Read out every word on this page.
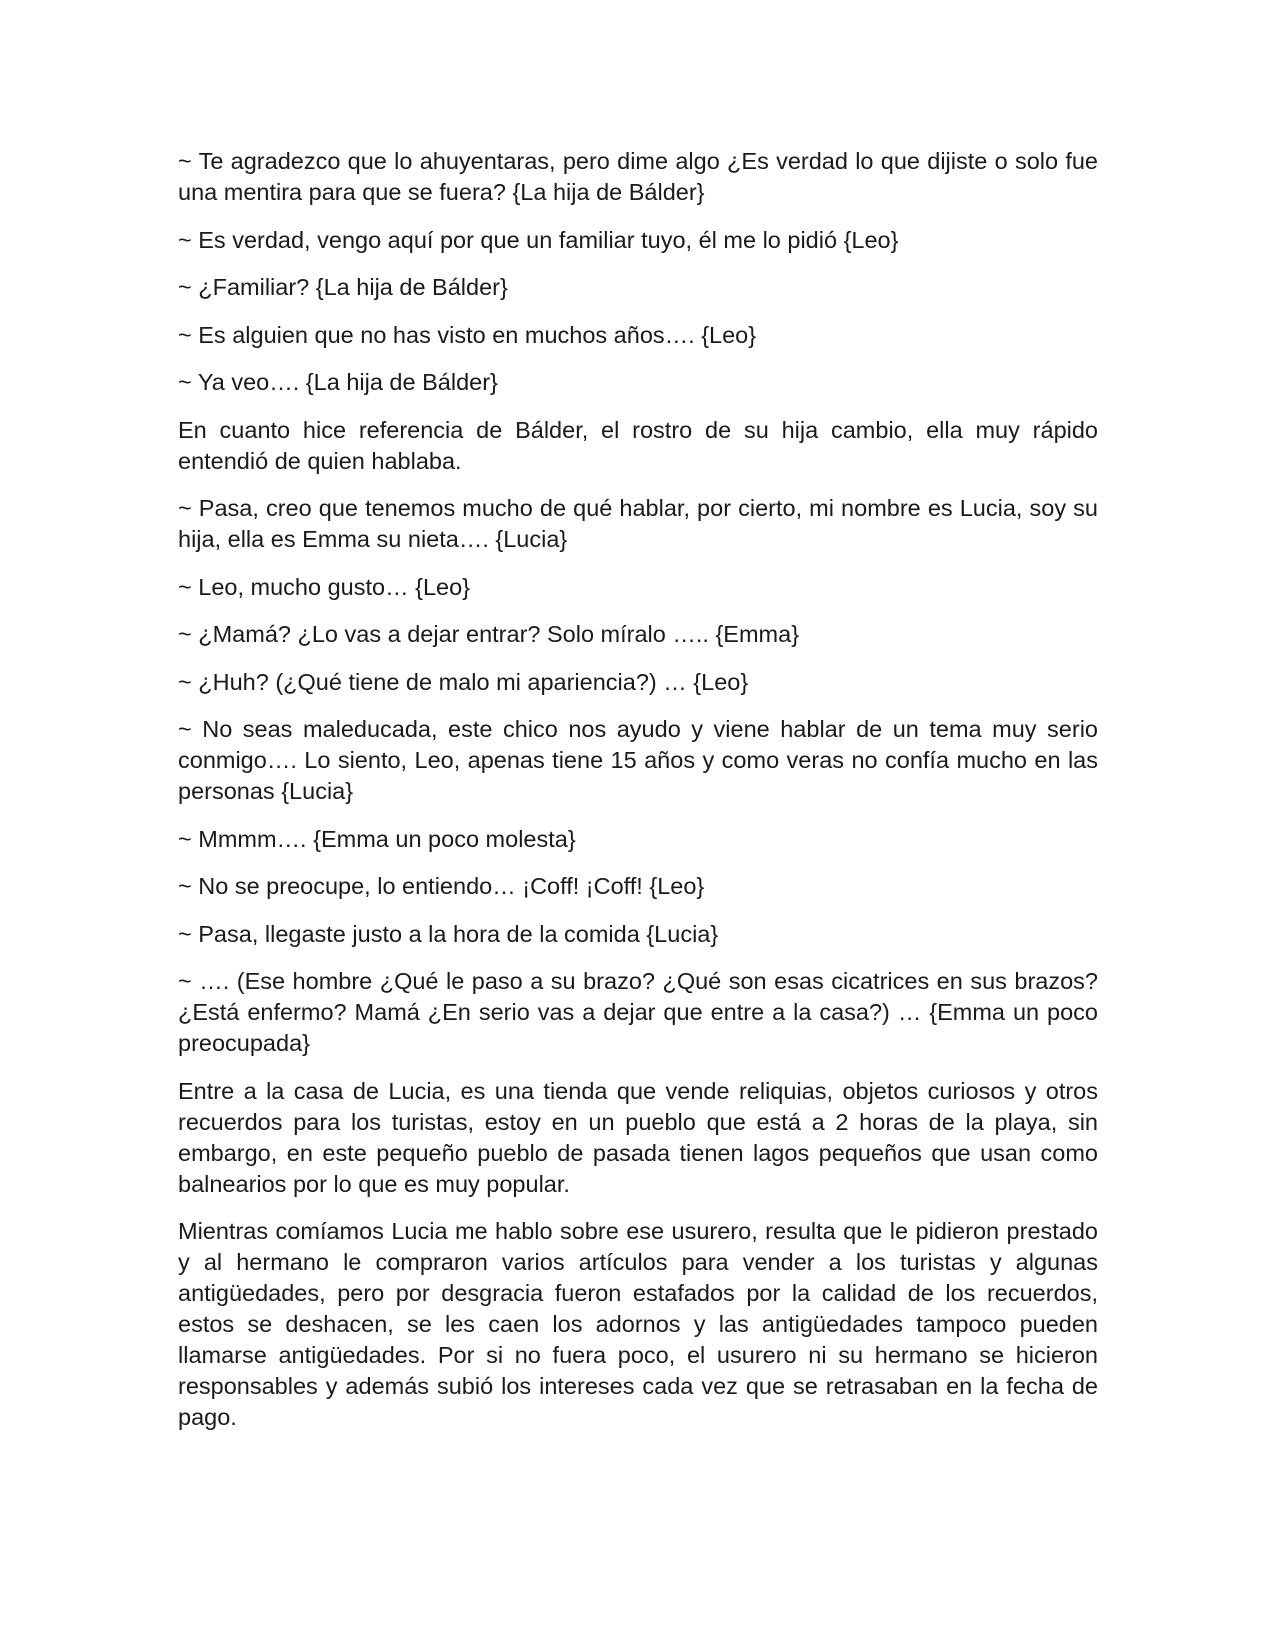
~ Te agradezco que lo ahuyentaras, pero dime algo ¿Es verdad lo que dijiste o solo fue una mentira para que se fuera? {La hija de Bálder}

~ Es verdad, vengo aquí por que un familiar tuyo, él me lo pidió {Leo}

~ ¿Familiar? {La hija de Bálder}

~ Es alguien que no has visto en muchos años…. {Leo}

~ Ya veo…. {La hija de Bálder}

En cuanto hice referencia de Bálder, el rostro de su hija cambio, ella muy rápido entendió de quien hablaba.

~ Pasa, creo que tenemos mucho de qué hablar, por cierto, mi nombre es Lucia, soy su hija, ella es Emma su nieta…. {Lucia}

~ Leo, mucho gusto… {Leo}

~ ¿Mamá? ¿Lo vas a dejar entrar? Solo míralo ….. {Emma}

~ ¿Huh? (¿Qué tiene de malo mi apariencia?) … {Leo}

~ No seas maleducada, este chico nos ayudo y viene hablar de un tema muy serio conmigo…. Lo siento, Leo, apenas tiene 15 años y como veras no confía mucho en las personas {Lucia}

~ Mmmm…. {Emma un poco molesta}

~ No se preocupe, lo entiendo… ¡Coff! ¡Coff! {Leo}

~ Pasa, llegaste justo a la hora de la comida {Lucia}

~ …. (Ese hombre ¿Qué le paso a su brazo? ¿Qué son esas cicatrices en sus brazos? ¿Está enfermo? Mamá ¿En serio vas a dejar que entre a la casa?) … {Emma un poco preocupada}

Entre a la casa de Lucia, es una tienda que vende reliquias, objetos curiosos y otros recuerdos para los turistas, estoy en un pueblo que está a 2 horas de la playa, sin embargo, en este pequeño pueblo de pasada tienen lagos pequeños que usan como balnearios por lo que es muy popular.

Mientras comíamos Lucia me hablo sobre ese usurero, resulta que le pidieron prestado y al hermano le compraron varios artículos para vender a los turistas y algunas antigüedades, pero por desgracia fueron estafados por la calidad de los recuerdos, estos se deshacen, se les caen los adornos y las antigüedades tampoco pueden llamarse antigüedades. Por si no fuera poco, el usurero ni su hermano se hicieron responsables y además subió los intereses cada vez que se retrasaban en la fecha de pago.
